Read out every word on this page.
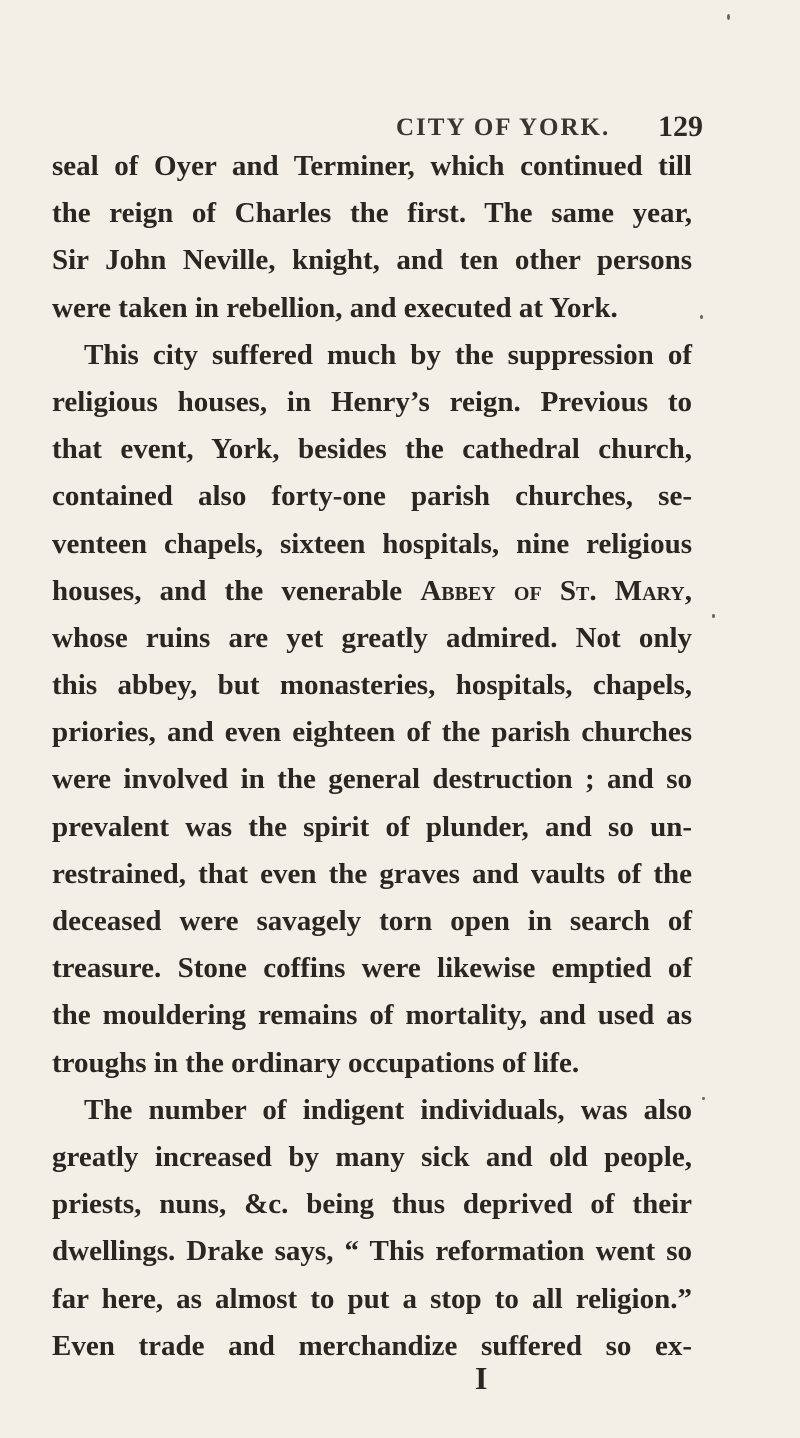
CITY OF YORK. 129
seal of Oyer and Terminer, which continued till
the reign of Charles the first. The same year,
Sir John Neville, knight, and ten other persons
were taken in rebellion, and executed at York.
This city suffered much by the suppression of
religious houses, in Henry’s reign. Previous to
that event, York, besides the cathedral church,
contained also forty-one parish churches, se-
venteen chapels, sixteen hospitals, nine religious
houses, and the venerable Abbey of St. Mary,
whose ruins are yet greatly admired. Not only
this abbey, but monasteries, hospitals, chapels,
priories, and even eighteen of the parish churches
were involved in the general destruction ; and so
prevalent was the spirit of plunder, and so un-
restrained, that even the graves and vaults of the
deceased were savagely torn open in search of
treasure. Stone coffins were likewise emptied of
the mouldering remains of mortality, and used as
troughs in the ordinary occupations of life.
The number of indigent individuals, was also
greatly increased by many sick and old people,
priests, nuns, &c. being thus deprived of their
dwellings. Drake says, “ This reformation went so
far here, as almost to put a stop to all religion.”
Even trade and merchandize suffered so ex-
I
